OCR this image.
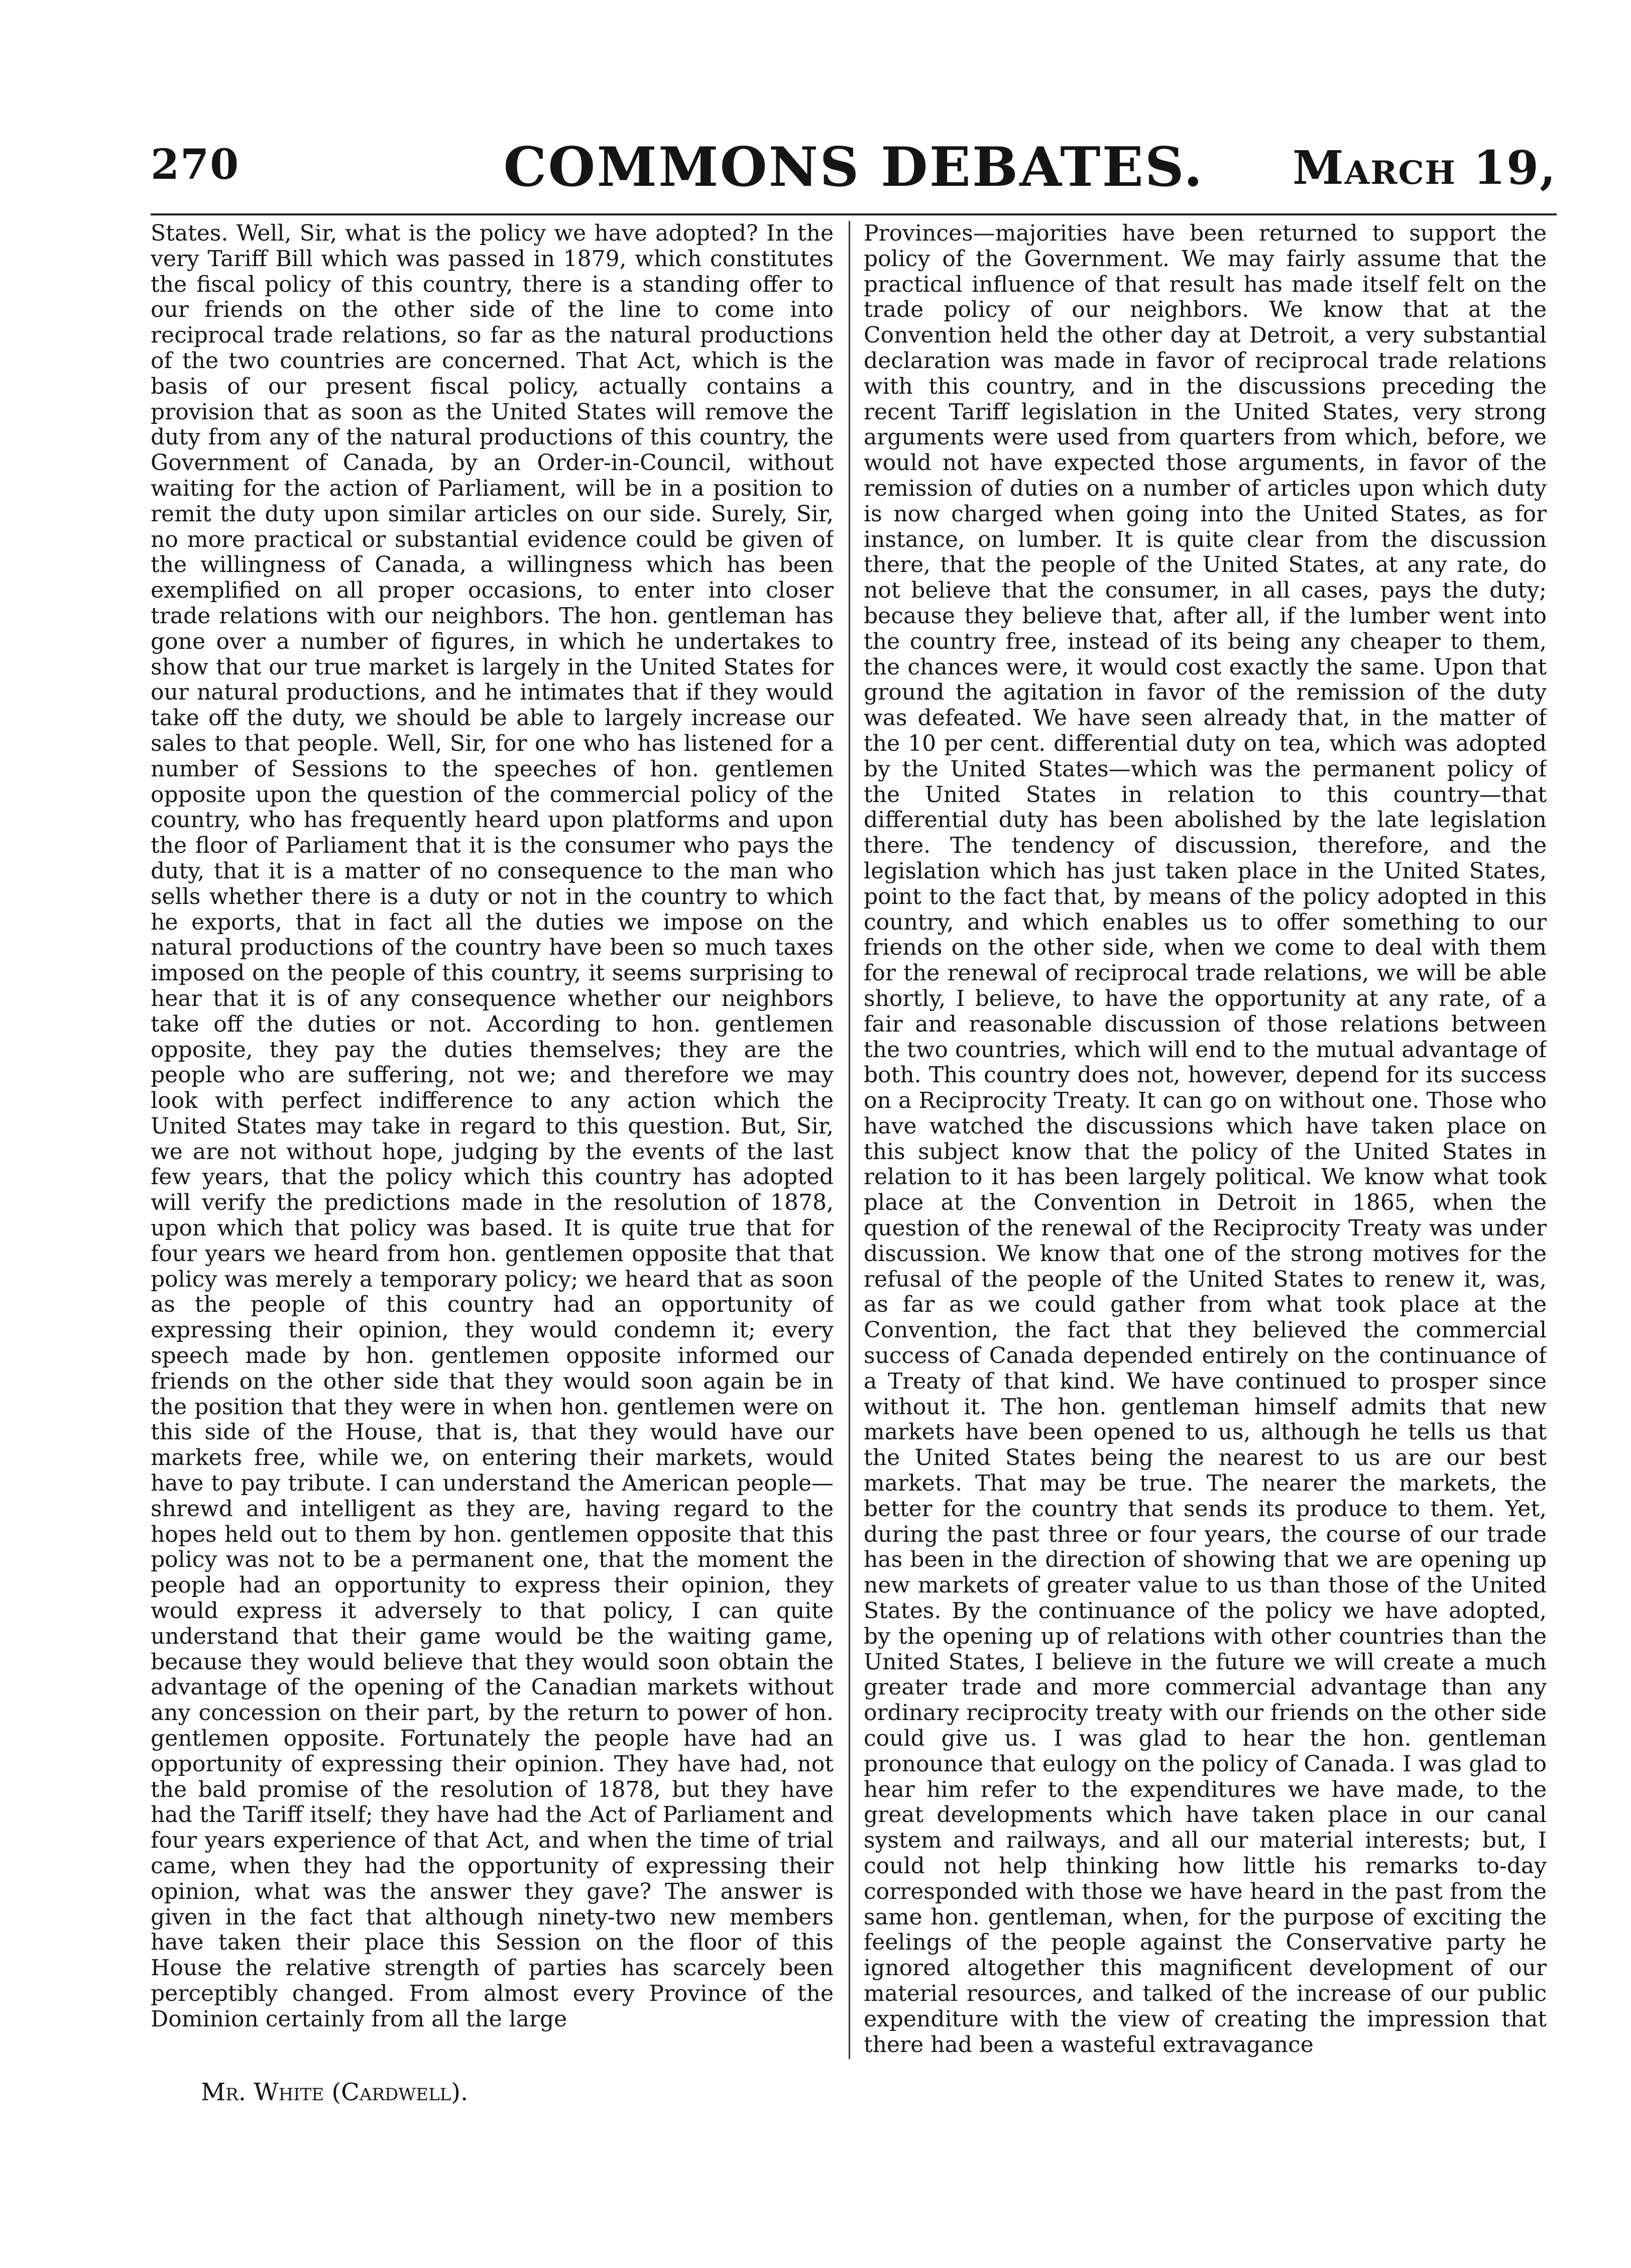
270	COMMONS DEBATES.	March 19,

States. Well, Sir, what is the policy we have adopted? In the very Tariff Bill which was passed in 1879, which constitutes the fiscal policy of this country, there is a standing offer to our friends on the other side of the line to come into reciprocal trade relations, so far as the natural productions of the two countries are concerned. That Act, which is the basis of our present fiscal policy, actually contains a provision that as soon as the United States will remove the duty from any of the natural productions of this country, the Government of Canada, by an Order-in-Council, without waiting for the action of Parliament, will be in a position to remit the duty upon similar articles on our side. Surely, Sir, no more practical or substantial evidence could be given of the willingness of Canada, a willingness which has been exemplified on all proper occasions, to enter into closer trade relations with our neighbors. The hon. gentleman has gone over a number of figures, in which he undertakes to show that our true market is largely in the United States for our natural productions, and he intimates that if they would take off the duty, we should be able to largely increase our sales to that people. Well, Sir, for one who has listened for a number of Sessions to the speeches of hon. gentlemen opposite upon the question of the commercial policy of the country, who has frequently heard upon platforms and upon the floor of Parliament that it is the consumer who pays the duty, that it is a matter of no consequence to the man who sells whether there is a duty or not in the country to which he exports, that in fact all the duties we impose on the natural productions of the country have been so much taxes imposed on the people of this country, it seems surprising to hear that it is of any consequence whether our neighbors take off the duties or not. According to hon. gentlemen opposite, they pay the duties themselves; they are the people who are suffering, not we; and therefore we may look with perfect indifference to any action which the United States may take in regard to this question. But, Sir, we are not without hope, judging by the events of the last few years, that the policy which this country has adopted will verify the predictions made in the resolution of 1878, upon which that policy was based. It is quite true that for four years we heard from hon. gentlemen opposite that that policy was merely a temporary policy; we heard that as soon as the people of this country had an opportunity of expressing their opinion, they would condemn it; every speech made by hon. gentlemen opposite informed our friends on the other side that they would soon again be in the position that they were in when hon. gentlemen were on this side of the House, that is, that they would have our markets free, while we, on entering their markets, would have to pay tribute. I can understand the American people—shrewd and intelligent as they are, having regard to the hopes held out to them by hon. gentlemen opposite that this policy was not to be a permanent one, that the moment the people had an opportunity to express their opinion, they would express it adversely to that policy, I can quite understand that their game would be the waiting game, because they would believe that they would soon obtain the advantage of the opening of the Canadian markets without any concession on their part, by the return to power of hon. gentlemen opposite. Fortunately the people have had an opportunity of expressing their opinion. They have had, not the bald promise of the resolution of 1878, but they have had the Tariff itself; they have had the Act of Parliament and four years experience of that Act, and when the time of trial came, when they had the opportunity of expressing their opinion, what was the answer they gave? The answer is given in the fact that although ninety-two new members have taken their place this Session on the floor of this House the relative strength of parties has scarcely been perceptibly changed. From almost every Province of the Dominion certainly from all the large

Provinces—majorities have been returned to support the policy of the Government. We may fairly assume that the practical influence of that result has made itself felt on the trade policy of our neighbors. We know that at the Convention held the other day at Detroit, a very substantial declaration was made in favor of reciprocal trade relations with this country, and in the discussions preceding the recent Tariff legislation in the United States, very strong arguments were used from quarters from which, before, we would not have expected those arguments, in favor of the remission of duties on a number of articles upon which duty is now charged when going into the United States, as for instance, on lumber. It is quite clear from the discussion there, that the people of the United States, at any rate, do not believe that the consumer, in all cases, pays the duty; because they believe that, after all, if the lumber went into the country free, instead of its being any cheaper to them, the chances were, it would cost exactly the same. Upon that ground the agitation in favor of the remission of the duty was defeated. We have seen already that, in the matter of the 10 per cent. differential duty on tea, which was adopted by the United States—which was the permanent policy of the United States in relation to this country—that differential duty has been abolished by the late legislation there. The tendency of discussion, therefore, and the legislation which has just taken place in the United States, point to the fact that, by means of the policy adopted in this country, and which enables us to offer something to our friends on the other side, when we come to deal with them for the renewal of reciprocal trade relations, we will be able shortly, I believe, to have the opportunity at any rate, of a fair and reasonable discussion of those relations between the two countries, which will end to the mutual advantage of both. This country does not, however, depend for its success on a Reciprocity Treaty. It can go on without one. Those who have watched the discussions which have taken place on this subject know that the policy of the United States in relation to it has been largely political. We know what took place at the Convention in Detroit in 1865, when the question of the renewal of the Reciprocity Treaty was under discussion. We know that one of the strong motives for the refusal of the people of the United States to renew it, was, as far as we could gather from what took place at the Convention, the fact that they believed the commercial success of Canada depended entirely on the continuance of a Treaty of that kind. We have continued to prosper since without it. The hon. gentleman himself admits that new markets have been opened to us, although he tells us that the United States being the nearest to us are our best markets. That may be true. The nearer the markets, the better for the country that sends its produce to them. Yet, during the past three or four years, the course of our trade has been in the direction of showing that we are opening up new markets of greater value to us than those of the United States. By the continuance of the policy we have adopted, by the opening up of relations with other countries than the United States, I believe in the future we will create a much greater trade and more commercial advantage than any ordinary reciprocity treaty with our friends on the other side could give us. I was glad to hear the hon. gentleman pronounce that eulogy on the policy of Canada. I was glad to hear him refer to the expenditures we have made, to the great developments which have taken place in our canal system and railways, and all our material interests; but, I could not help thinking how little his remarks to-day corresponded with those we have heard in the past from the same hon. gentleman, when, for the purpose of exciting the feelings of the people against the Conservative party he ignored altogether this magnificent development of our material resources, and talked of the increase of our public expenditure with the view of creating the impression that there had been a wasteful extravagance

Mr. White (Cardwell).
